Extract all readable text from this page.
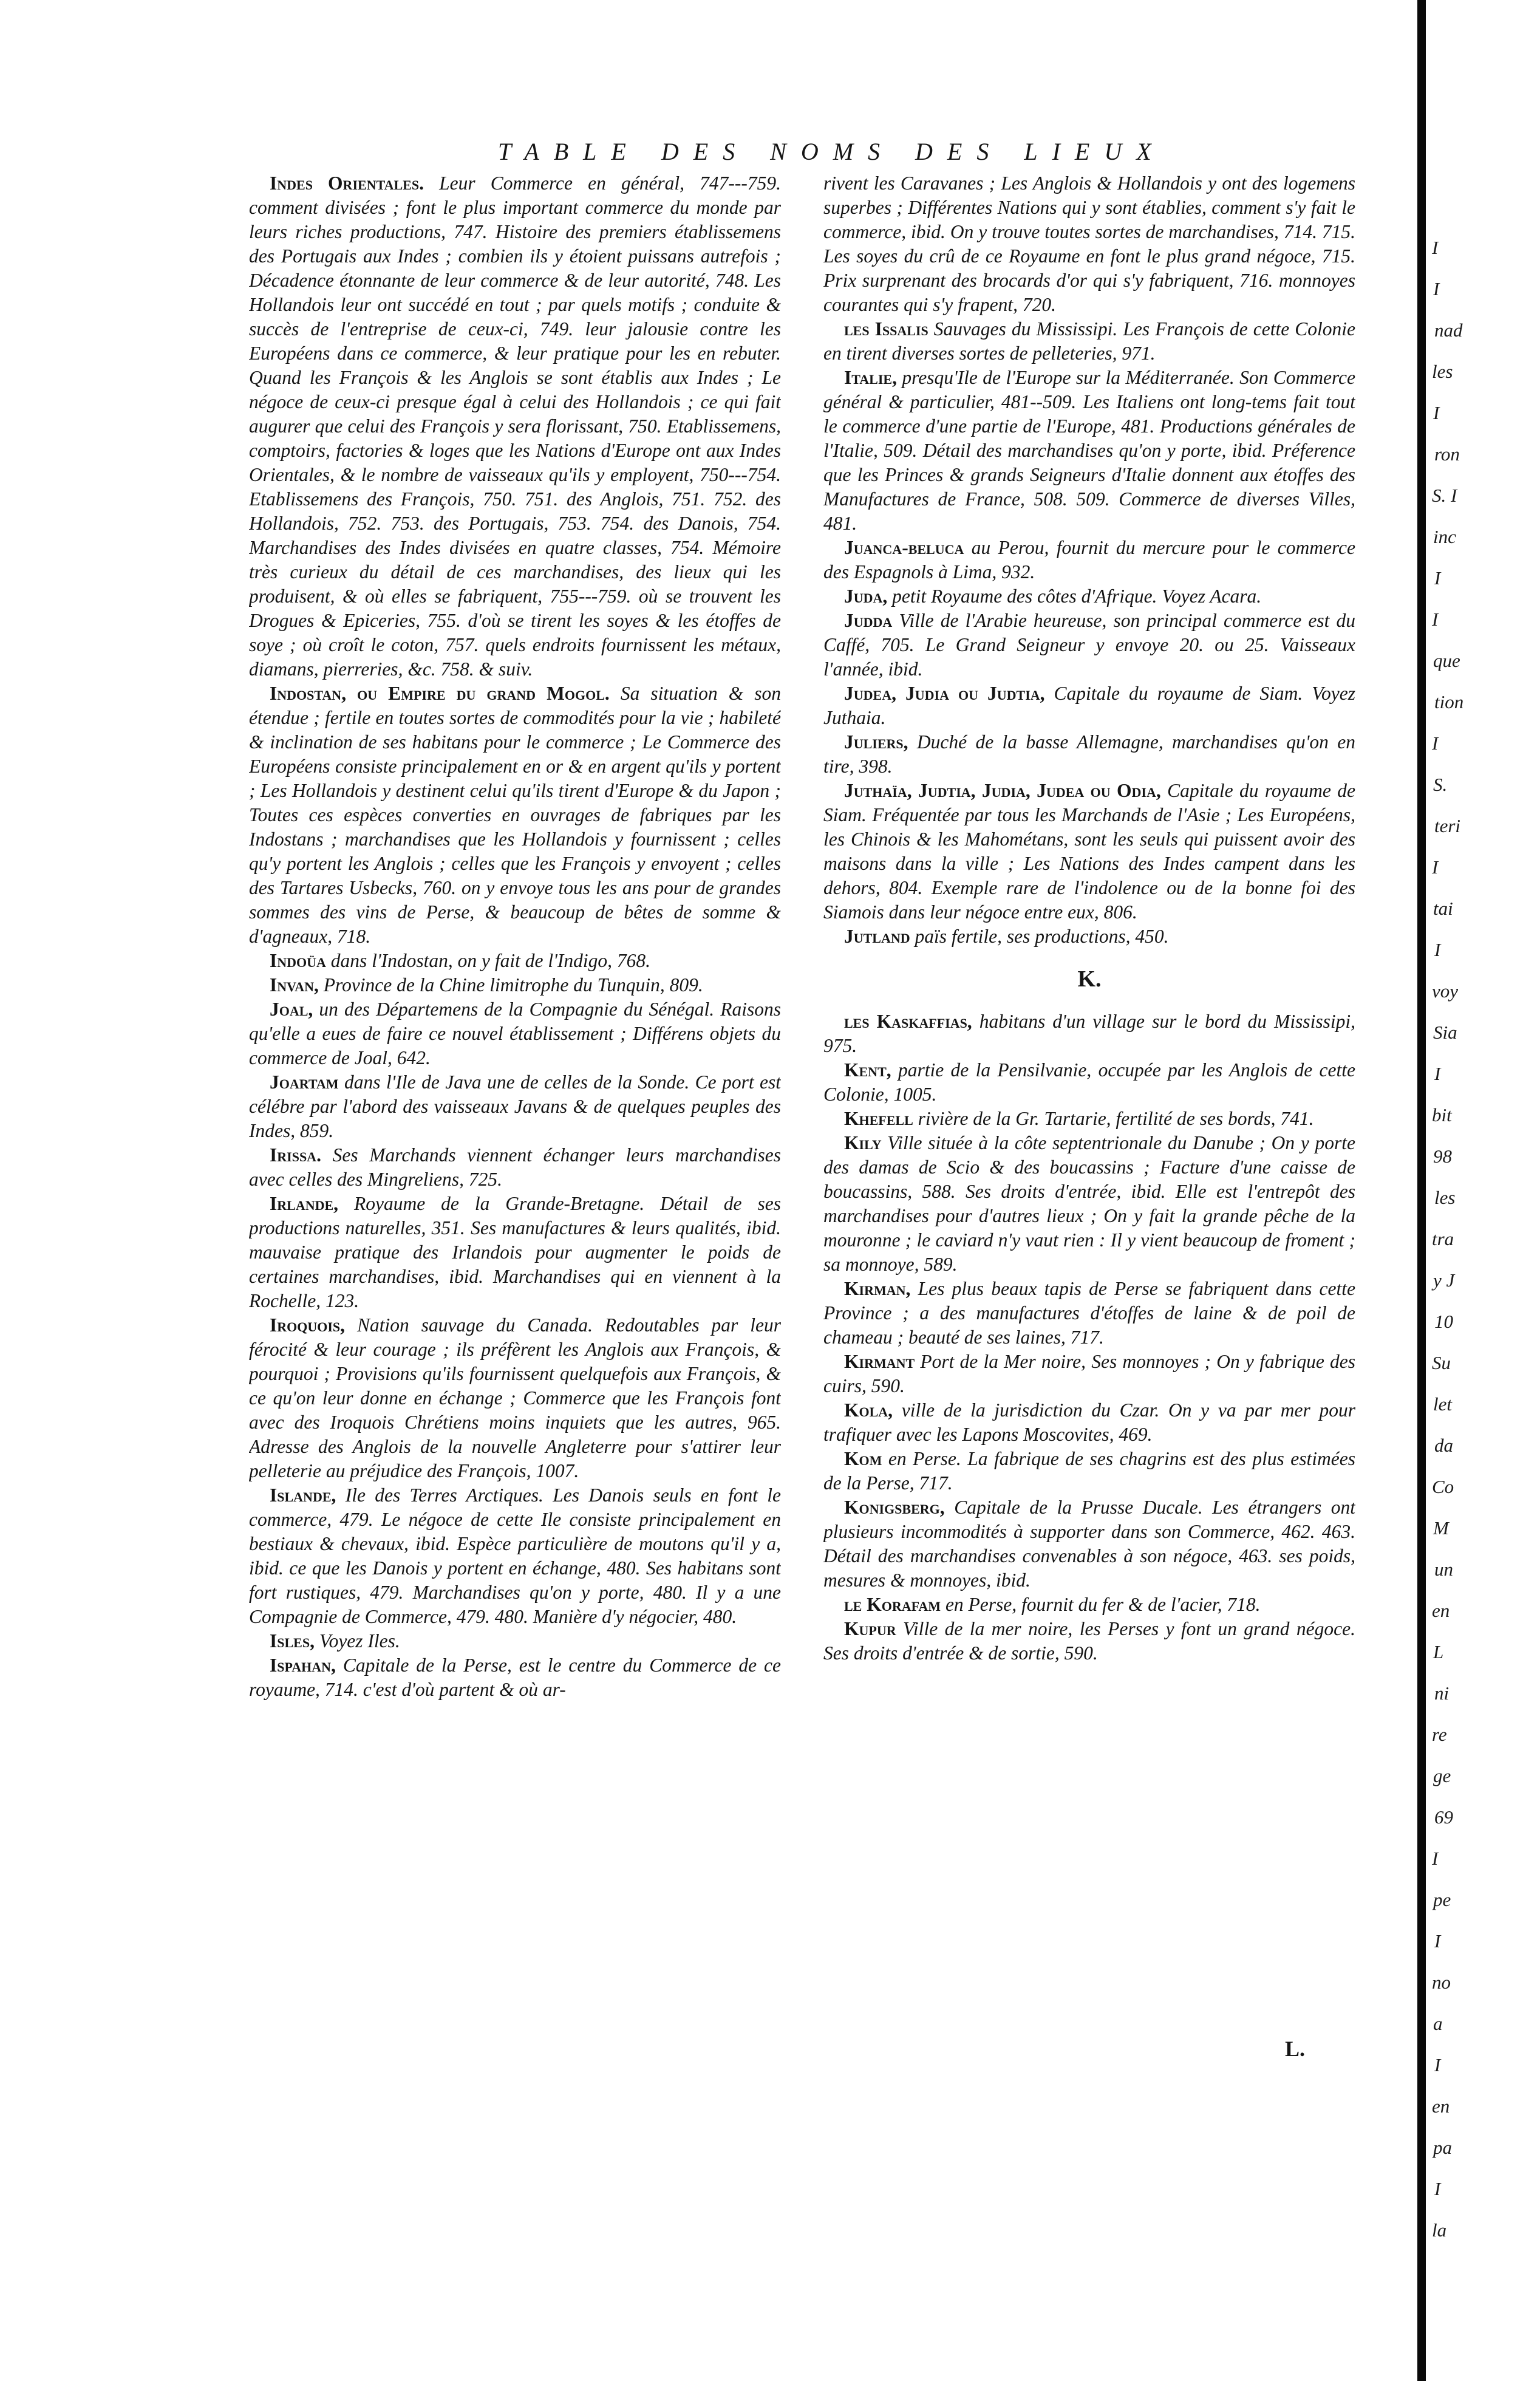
TABLE DES NOMS DES LIEUX

Indes Orientales. Leur Commerce en général, 747---759. comment divisées ; font le plus important commerce du monde par leurs riches productions, 747. Histoire des premiers établissemens des Portugais aux Indes ; combien ils y étoient puissans autrefois ; Décadence étonnante de leur commerce & de leur autorité, 748. Les Hollandois leur ont succédé en tout ; par quels motifs ; conduite & succès de l'entreprise de ceux-ci, 749. leur jalousie contre les Européens dans ce commerce, & leur pratique pour les en rebuter. Quand les François & les Anglois se sont établis aux Indes ; Le négoce de ceux-ci presque égal à celui des Hollandois ; ce qui fait augurer que celui des François y sera florissant, 750. Etablissemens, comptoirs, factories & loges que les Nations d'Europe ont aux Indes Orientales, & le nombre de vaisseaux qu'ils y employent, 750---754. Etablissemens des François, 750. 751. des Anglois, 751. 752. des Hollandois, 752. 753. des Portugais, 753. 754. des Danois, 754. Marchandises des Indes divisées en quatre classes, 754. Mémoire très curieux du détail de ces marchandises, des lieux qui les produisent, & où elles se fabriquent, 755---759. où se trouvent les Drogues & Epiceries, 755. d'où se tirent les soyes & les étoffes de soye ; où croît le coton, 757. quels endroits fournissent les métaux, diamans, pierreries, &c. 758. & suiv.

Indostan, ou Empire du grand Mogol. Sa situation & son étendue ; fertile en toutes sortes de commodités pour la vie ; habileté & inclination de ses habitans pour le commerce ; Le Commerce des Européens consiste principalement en or & en argent qu'ils y portent ; Les Hollandois y destinent celui qu'ils tirent d'Europe & du Japon ; Toutes ces espèces converties en ouvrages de fabriques par les Indostans ; marchandises que les Hollandois y fournissent ; celles qu'y portent les Anglois ; celles que les François y envoyent ; celles des Tartares Usbecks, 760. on y envoye tous les ans pour de grandes sommes des vins de Perse, & beaucoup de bêtes de somme & d'agneaux, 718.

Indoüa dans l'Indostan, on y fait de l'Indigo, 768.

Invan, Province de la Chine limitrophe du Tunquin, 809.

Joal, un des Départemens de la Compagnie du Sénégal. Raisons qu'elle a eues de faire ce nouvel établissement ; Différens objets du commerce de Joal, 642.

Joartam dans l'Ile de Java une de celles de la Sonde. Ce port est célébre par l'abord des vaisseaux Javans & de quelques peuples des Indes, 859.

Irissa. Ses Marchands viennent échanger leurs marchandises avec celles des Mingreliens, 725.

Irlande, Royaume de la Grande-Bretagne. Détail de ses productions naturelles, 351. Ses manufactures & leurs qualités, ibid. mauvaise pratique des Irlandois pour augmenter le poids de certaines marchandises, ibid. Marchandises qui en viennent à la Rochelle, 123.

Iroquois, Nation sauvage du Canada. Redoutables par leur férocité & leur courage ; ils préfèrent les Anglois aux François, & pourquoi ; Provisions qu'ils fournissent quelquefois aux François, & ce qu'on leur donne en échange ; Commerce que les François font avec des Iroquois Chrétiens moins inquiets que les autres, 965. Adresse des Anglois de la nouvelle Angleterre pour s'attirer leur pelleterie au préjudice des François, 1007.

Islande, Ile des Terres Arctiques. Les Danois seuls en font le commerce, 479. Le négoce de cette Ile consiste principalement en bestiaux & chevaux, ibid. Espèce particulière de moutons qu'il y a, ibid. ce que les Danois y portent en échange, 480. Ses habitans sont fort rustiques, 479. Marchandises qu'on y porte, 480. Il y a une Compagnie de Commerce, 479. 480. Manière d'y négocier, 480.

Isles, Voyez Iles.

Ispahan, Capitale de la Perse, est le centre du Commerce de ce royaume, 714. c'est d'où partent & où ar-

rivent les Caravanes ; Les Anglois & Hollandois y ont des logemens superbes ; Différentes Nations qui y sont établies, comment s'y fait le commerce, ibid. On y trouve toutes sortes de marchandises, 714. 715. Les soyes du crû de ce Royaume en font le plus grand négoce, 715. Prix surprenant des brocards d'or qui s'y fabriquent, 716. monnoyes courantes qui s'y frapent, 720.

les Issalis Sauvages du Mississipi. Les François de cette Colonie en tirent diverses sortes de pelleteries, 971.

Italie, presqu'Ile de l'Europe sur la Méditerranée. Son Commerce général & particulier, 481--509. Les Italiens ont long-tems fait tout le commerce d'une partie de l'Europe, 481. Productions générales de l'Italie, 509. Détail des marchandises qu'on y porte, ibid. Préference que les Princes & grands Seigneurs d'Italie donnent aux étoffes des Manufactures de France, 508. 509. Commerce de diverses Villes, 481.

Juanca-beluca au Perou, fournit du mercure pour le commerce des Espagnols à Lima, 932.

Juda, petit Royaume des côtes d'Afrique. Voyez Acara.

Judda Ville de l'Arabie heureuse, son principal commerce est du Caffé, 705. Le Grand Seigneur y envoye 20. ou 25. Vaisseaux l'année, ibid.

Judea, Judia ou Judtia, Capitale du royaume de Siam. Voyez Juthaia.

Juliers, Duché de la basse Allemagne, marchandises qu'on en tire, 398.

Juthaïa, Judtia, Judia, Judea ou Odia, Capitale du royaume de Siam. Fréquentée par tous les Marchands de l'Asie ; Les Européens, les Chinois & les Mahométans, sont les seuls qui puissent avoir des maisons dans la ville ; Les Nations des Indes campent dans les dehors, 804. Exemple rare de l'indolence ou de la bonne foi des Siamois dans leur négoce entre eux, 806.

Jutland païs fertile, ses productions, 450.

K.

les Kaskaffias, habitans d'un village sur le bord du Mississipi, 975.

Kent, partie de la Pensilvanie, occupée par les Anglois de cette Colonie, 1005.

Khefell rivière de la Gr. Tartarie, fertilité de ses bords, 741.

Kily Ville située à la côte septentrionale du Danube ; On y porte des damas de Scio & des boucassins ; Facture d'une caisse de boucassins, 588. Ses droits d'entrée, ibid. Elle est l'entrepôt des marchandises pour d'autres lieux ; On y fait la grande pêche de la mouronne ; le caviard n'y vaut rien : Il y vient beaucoup de froment ; sa monnoye, 589.

Kirman, Les plus beaux tapis de Perse se fabriquent dans cette Province ; a des manufactures d'étoffes de laine & de poil de chameau ; beauté de ses laines, 717.

Kirmant Port de la Mer noire, Ses monnoyes ; On y fabrique des cuirs, 590.

Kola, ville de la jurisdiction du Czar. On y va par mer pour trafiquer avec les Lapons Moscovites, 469.

Kom en Perse. La fabrique de ses chagrins est des plus estimées de la Perse, 717.

Konigsberg, Capitale de la Prusse Ducale. Les étrangers ont plusieurs incommodités à supporter dans son Commerce, 462. 463. Détail des marchandises convenables à son négoce, 463. ses poids, mesures & monnoyes, ibid.

le Korafam en Perse, fournit du fer & de l'acier, 718.

Kupur Ville de la mer noire, les Perses y font un grand négoce. Ses droits d'entrée & de sortie, 590.

L.
I
I
nad
les
I
ron
S. I
inc
I
I
que
tion
I
S.
teri
I
tai
I
voy
Sia
I
bit
98
les
tra
y J
10
Su
let
da
Co
M
un
en
L
ni
re
ge
69
I
pe
I
no
a
I
en
pa
I
la
